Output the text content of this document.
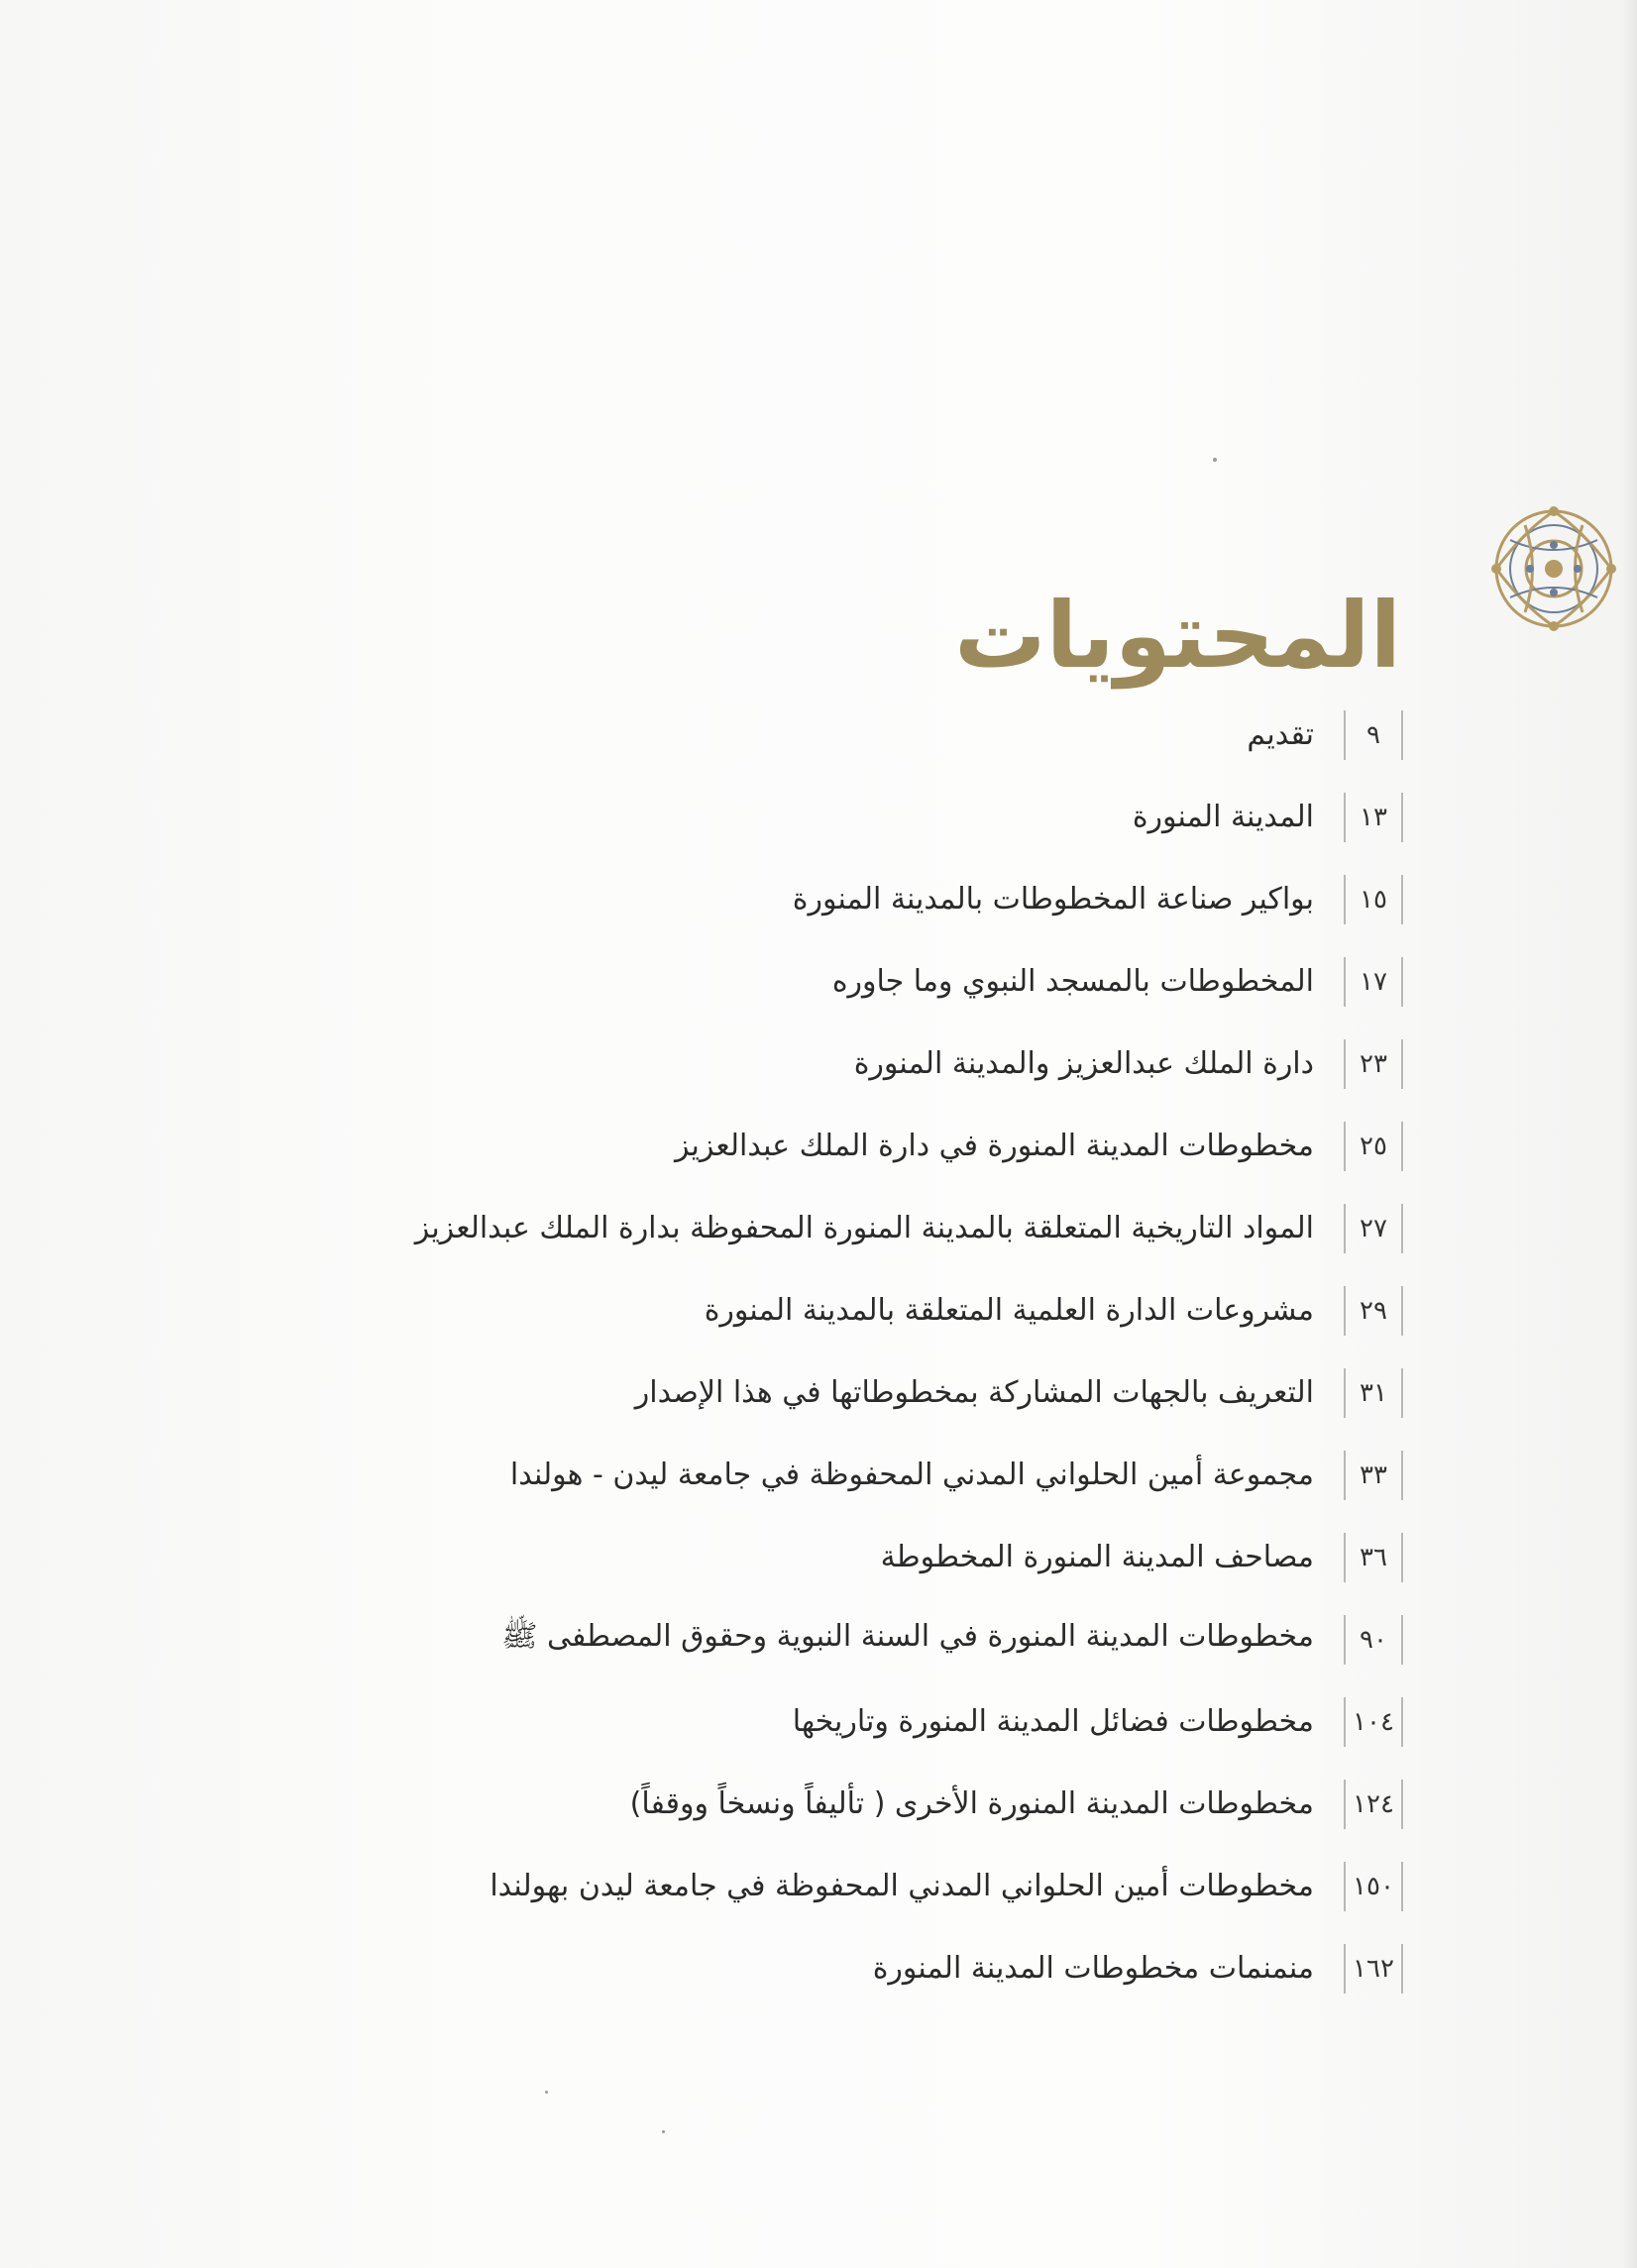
المحتويات
٩
تقديم
١٣
المدينة المنورة
١٥
بواكير صناعة المخطوطات بالمدينة المنورة
١٧
المخطوطات بالمسجد النبوي وما جاوره
٢٣
دارة الملك عبدالعزيز والمدينة المنورة
٢٥
مخطوطات المدينة المنورة في دارة الملك عبدالعزيز
٢٧
المواد التاريخية المتعلقة بالمدينة المنورة المحفوظة بدارة الملك عبدالعزيز
٢٩
مشروعات الدارة العلمية المتعلقة بالمدينة المنورة
٣١
التعريف بالجهات المشاركة بمخطوطاتها في هذا الإصدار
٣٣
مجموعة أمين الحلواني المدني المحفوظة في جامعة ليدن - هولندا
٣٦
مصاحف المدينة المنورة المخطوطة
٩٠
مخطوطات المدينة المنورة في السنة النبوية وحقوق المصطفى ﷺ
١٠٤
مخطوطات فضائل المدينة المنورة وتاريخها
١٢٤
مخطوطات المدينة المنورة الأخرى ( تأليفاً ونسخاً ووقفاً)
١٥٠
مخطوطات أمين الحلواني المدني المحفوظة في جامعة ليدن بهولندا
١٦٢
منمنمات مخطوطات المدينة المنورة
